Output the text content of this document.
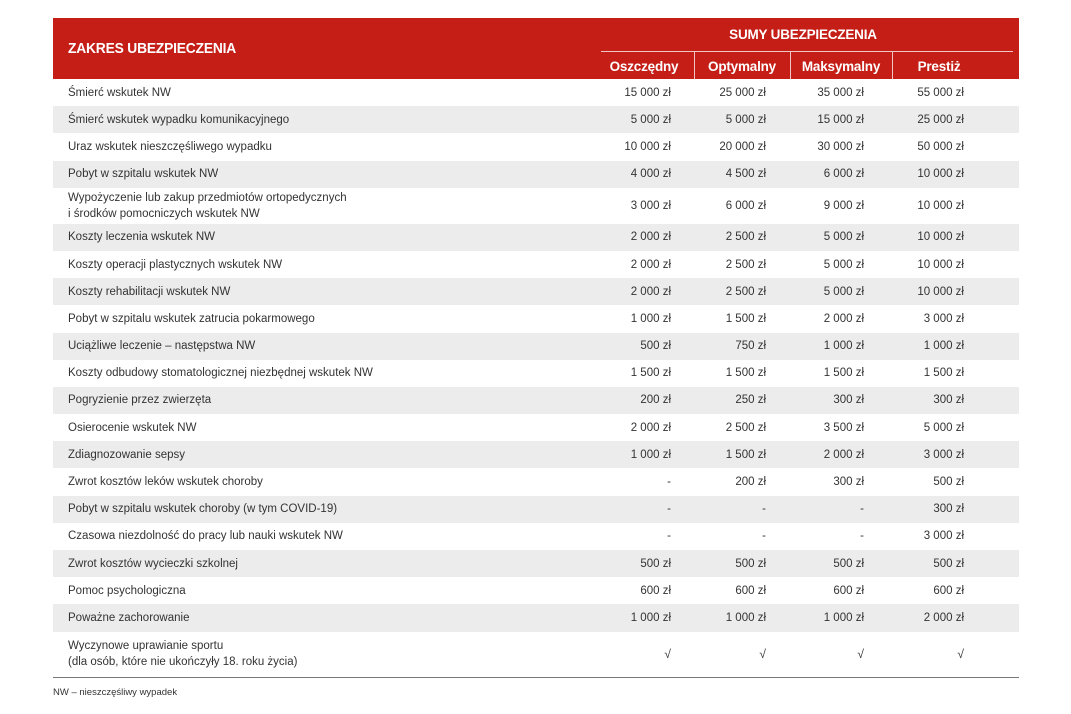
ZAKRES UBEZPIECZENIA
SUMY UBEZPIECZENIA
Oszczędny	Optymalny	Maksymalny	Prestiż
Śmierć wskutek NW	15 000 zł	25 000 zł	35 000 zł	55 000 zł
Śmierć wskutek wypadku komunikacyjnego	5 000 zł	5 000 zł	15 000 zł	25 000 zł
Uraz wskutek nieszczęśliwego wypadku	10 000 zł	20 000 zł	30 000 zł	50 000 zł
Pobyt w szpitalu wskutek NW	4 000 zł	4 500 zł	6 000 zł	10 000 zł
Wypożyczenie lub zakup przedmiotów ortopedycznych
i środków pomocniczych wskutek NW
3 000 zł	6 000 zł	9 000 zł	10 000 zł
Koszty leczenia wskutek NW	2 000 zł	2 500 zł	5 000 zł	10 000 zł
Koszty operacji plastycznych wskutek NW	2 000 zł	2 500 zł	5 000 zł	10 000 zł
Koszty rehabilitacji wskutek NW	2 000 zł	2 500 zł	5 000 zł	10 000 zł
Pobyt w szpitalu wskutek zatrucia pokarmowego	1 000 zł	1 500 zł	2 000 zł	3 000 zł
Uciążliwe leczenie – następstwa NW	500 zł	750 zł	1 000 zł	1 000 zł
Koszty odbudowy stomatologicznej niezbędnej wskutek NW	1 500 zł	1 500 zł	1 500 zł	1 500 zł
Pogryzienie przez zwierzęta	200 zł	250 zł	300 zł	300 zł
Osierocenie wskutek NW	2 000 zł	2 500 zł	3 500 zł	5 000 zł
Zdiagnozowanie sepsy	1 000 zł	1 500 zł	2 000 zł	3 000 zł
Zwrot kosztów leków wskutek choroby	-	200 zł	300 zł	500 zł
Pobyt w szpitalu wskutek choroby (w tym COVID-19)	-	-	-	300 zł
Czasowa niezdolność do pracy lub nauki wskutek NW	-	-	-	3 000 zł
Zwrot kosztów wycieczki szkolnej	500 zł	500 zł	500 zł	500 zł
Pomoc psychologiczna	600 zł	600 zł	600 zł	600 zł
Poważne zachorowanie	1 000 zł	1 000 zł	1 000 zł	2 000 zł
Wyczynowe uprawianie sportu
(dla osób, które nie ukończyły 18. roku życia)
√	√	√	√
NW – nieszczęśliwy wypadek
